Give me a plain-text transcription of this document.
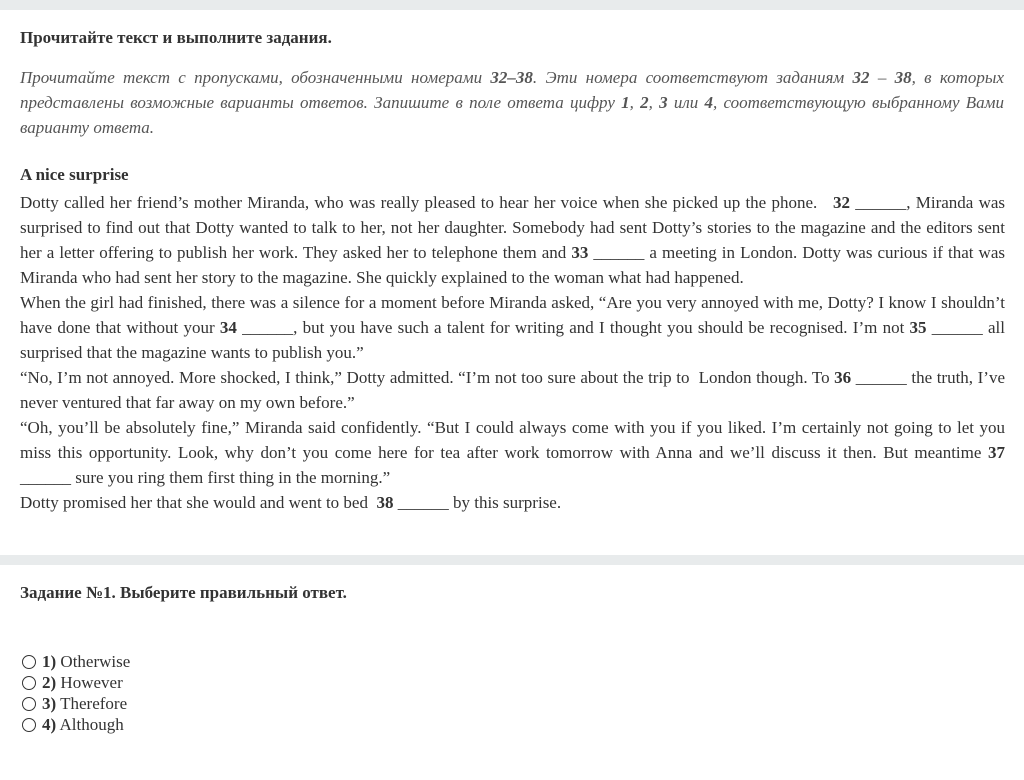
Прочитайте текст и выполните задания.
Прочитайте текст с пропусками, обозначенными номерами 32–38. Эти номера соответствуют заданиям 32 – 38, в которых представлены возможные варианты ответов. Запишите в поле ответа цифру 1, 2, 3 или 4, соответствующую выбранному Вами варианту ответа.
A nice surprise

Dotty called her friend’s mother Miranda, who was really pleased to hear her voice when she picked up the phone.   32 ______, Miranda was surprised to find out that Dotty wanted to talk to her, not her daughter. Somebody had sent Dotty’s stories to the magazine and the editors sent her a letter offering to publish her work. They asked her to telephone them and 33 ______ a meeting in London. Dotty was curious if that was Miranda who had sent her story to the magazine. She quickly explained to the woman what had happened.

When the girl had finished, there was a silence for a moment before Miranda asked, “Are you very annoyed with me, Dotty? I know I shouldn’t have done that without your 34 ______, but you have such a talent for writing and I thought you should be recognised. I’m not 35 ______ all surprised that the magazine wants to publish you.”

“No, I’m not annoyed. More shocked, I think,” Dotty admitted. “I’m not too sure about the trip to  London though. To 36 ______ the truth, I’ve never ventured that far away on my own before.”

“Oh, you’ll be absolutely fine,” Miranda said confidently. “But I could always come with you if you liked. I’m certainly not going to let you miss this opportunity. Look, why don’t you come here for tea after work tomorrow with Anna and we’ll discuss it then. But meantime 37 ______ sure you ring them first thing in the morning.”

Dotty promised her that she would and went to bed  38 ______ by this surprise.

Задание №1. Выберите правильный ответ.
1) Otherwise
2) However
3) Therefore
4) Although
